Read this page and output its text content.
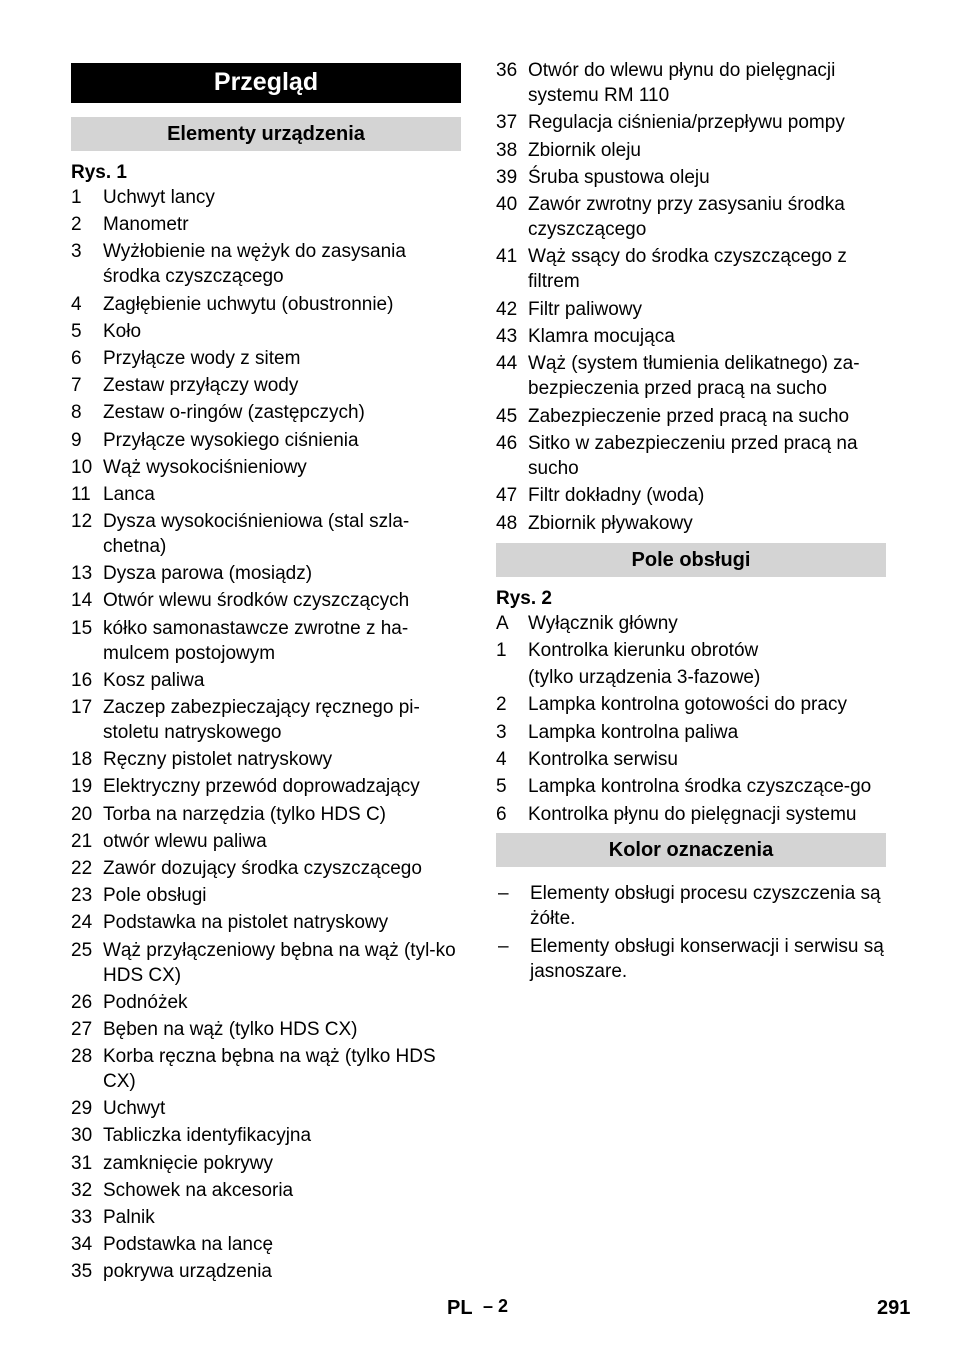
Przegląd
Elementy urządzenia
Rys. 1
1	Uchwyt lancy
2	Manometr
3	Wyżłobienie na wężyk do zasysania środka czyszczącego
4	Zagłębienie uchwytu (obustronnie)
5	Koło
6	Przyłącze wody z sitem
7	Zestaw przyłączy wody
8	Zestaw o-ringów (zastępczych)
9	Przyłącze wysokiego ciśnienia
10 Wąż wysokociśnieniowy
11 Lanca
12 Dysza wysokociśnieniowa (stal szla-chetna)
13 Dysza parowa (mosiądz)
14 Otwór wlewu środków czyszczących
15 kółko samonastawcze zwrotne z ha-mulcem postojowym
16 Kosz paliwa
17 Zaczep zabezpieczający ręcznego pi-stoletu natryskowego
18 Ręczny pistolet natryskowy
19 Elektryczny przewód doprowadzający
20 Torba na narzędzia (tylko HDS C)
21 otwór wlewu paliwa
22 Zawór dozujący środka czyszczącego
23 Pole obsługi
24 Podstawka na pistolet natryskowy
25 Wąż przyłączeniowy bębna na wąż (tyl-ko HDS CX)
26 Podnóżek
27 Bęben na wąż (tylko HDS CX)
28 Korba ręczna bębna na wąż (tylko HDS CX)
29 Uchwyt
30 Tabliczka identyfikacyjna
31 zamknięcie pokrywy
32 Schowek na akcesoria
33 Palnik
34 Podstawka na lancę
35 pokrywa urządzenia
36 Otwór do wlewu płynu do pielęgnacji systemu RM 110
37 Regulacja ciśnienia/przepływu pompy
38 Zbiornik oleju
39 Śruba spustowa oleju
40 Zawór zwrotny przy zasysaniu środka czyszczącego
41 Wąż ssący do środka czyszczącego z filtrem
42 Filtr paliwowy
43 Klamra mocująca
44 Wąż (system tłumienia delikatnego) za-bezpieczenia przed pracą na sucho
45 Zabezpieczenie przed pracą na sucho
46 Sitko w zabezpieczeniu przed pracą na sucho
47 Filtr dokładny (woda)
48 Zbiornik pływakowy
Pole obsługi
Rys. 2
A	Wyłącznik główny
1	Kontrolka kierunku obrotów
(tylko urządzenia 3-fazowe)
2	Lampka kontrolna gotowości do pracy
3	Lampka kontrolna paliwa
4	Kontrolka serwisu
5	Lampka kontrolna środka czyszczące-go
6	Kontrolka płynu do pielęgnacji systemu
Kolor oznaczenia
–	Elementy obsługi procesu czyszczenia są żółte.
–	Elementy obsługi konserwacji i serwisu są jasnoszare.
PL – 2	291
